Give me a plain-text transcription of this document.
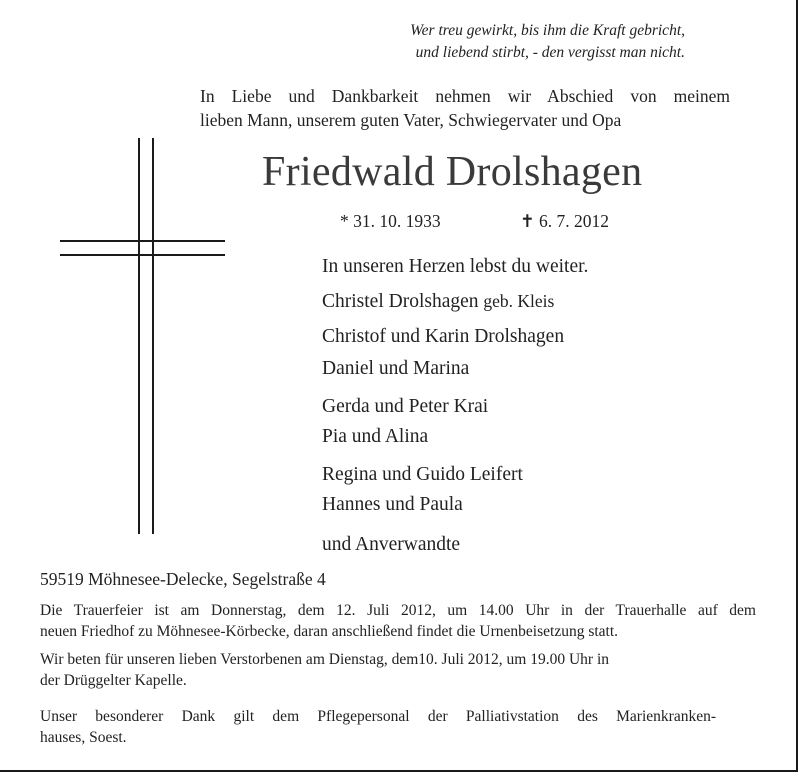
Wer treu gewirkt, bis ihm die Kraft gebricht,
und liebend stirbt, - den vergisst man nicht.
In Liebe und Dankbarkeit nehmen wir Abschied von meinem
lieben Mann, unserem guten Vater, Schwiegervater und Opa
Friedwald Drolshagen
* 31. 10. 1933	✝ 6. 7. 2012
In unseren Herzen lebst du weiter.
Christel Drolshagen geb. Kleis
Christof und Karin Drolshagen
Daniel und Marina
Gerda und Peter Krai
Pia und Alina
Regina und Guido Leifert
Hannes und Paula
und Anverwandte
59519 Möhnesee-Delecke, Segelstraße 4
Die Trauerfeier ist am Donnerstag, dem 12. Juli 2012, um 14.00 Uhr in der Trauerhalle auf dem
neuen Friedhof zu Möhnesee-Körbecke, daran anschließend findet die Urnenbeisetzung statt.
Wir beten für unseren lieben Verstorbenen am Dienstag, dem10. Juli 2012, um 19.00 Uhr in
der Drüggelter Kapelle.
Unser besonderer Dank gilt dem Pflegepersonal der Palliativstation des Marienkranken-
hauses, Soest.
